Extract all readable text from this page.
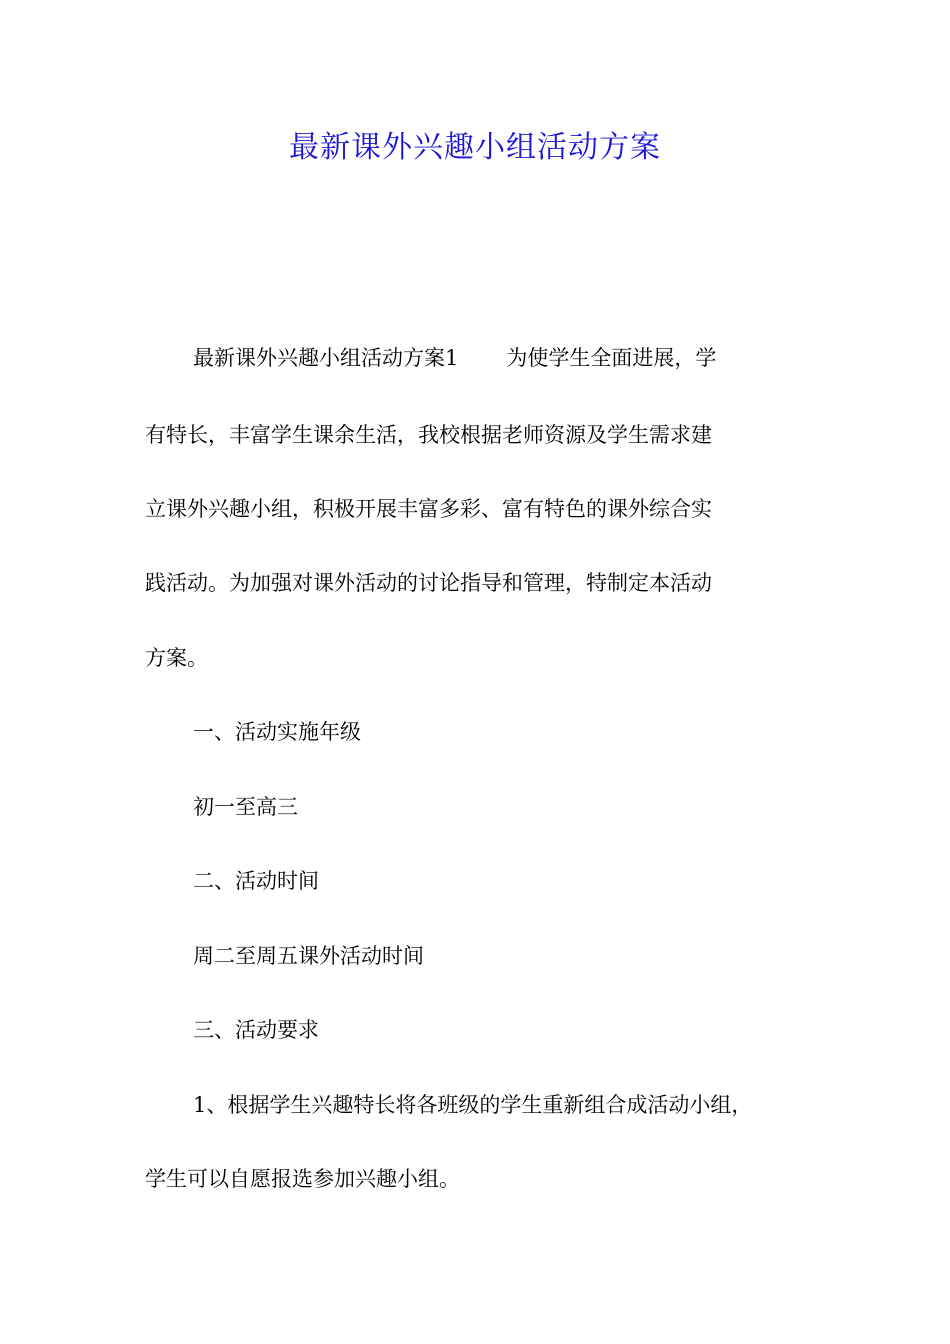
最新课外兴趣小组活动方案
最新课外兴趣小组活动方案1 为使学生全面进展，学
有特长，丰富学生课余生活，我校根据老师资源及学生需求建
立课外兴趣小组，积极开展丰富多彩、富有特色的课外综合实
践活动。为加强对课外活动的讨论指导和管理，特制定本活动
方案。
一、活动实施年级
初一至高三
二、活动时间
周二至周五课外活动时间
三、活动要求
1、根据学生兴趣特长将各班级的学生重新组合成活动小组，
学生可以自愿报选参加兴趣小组。
